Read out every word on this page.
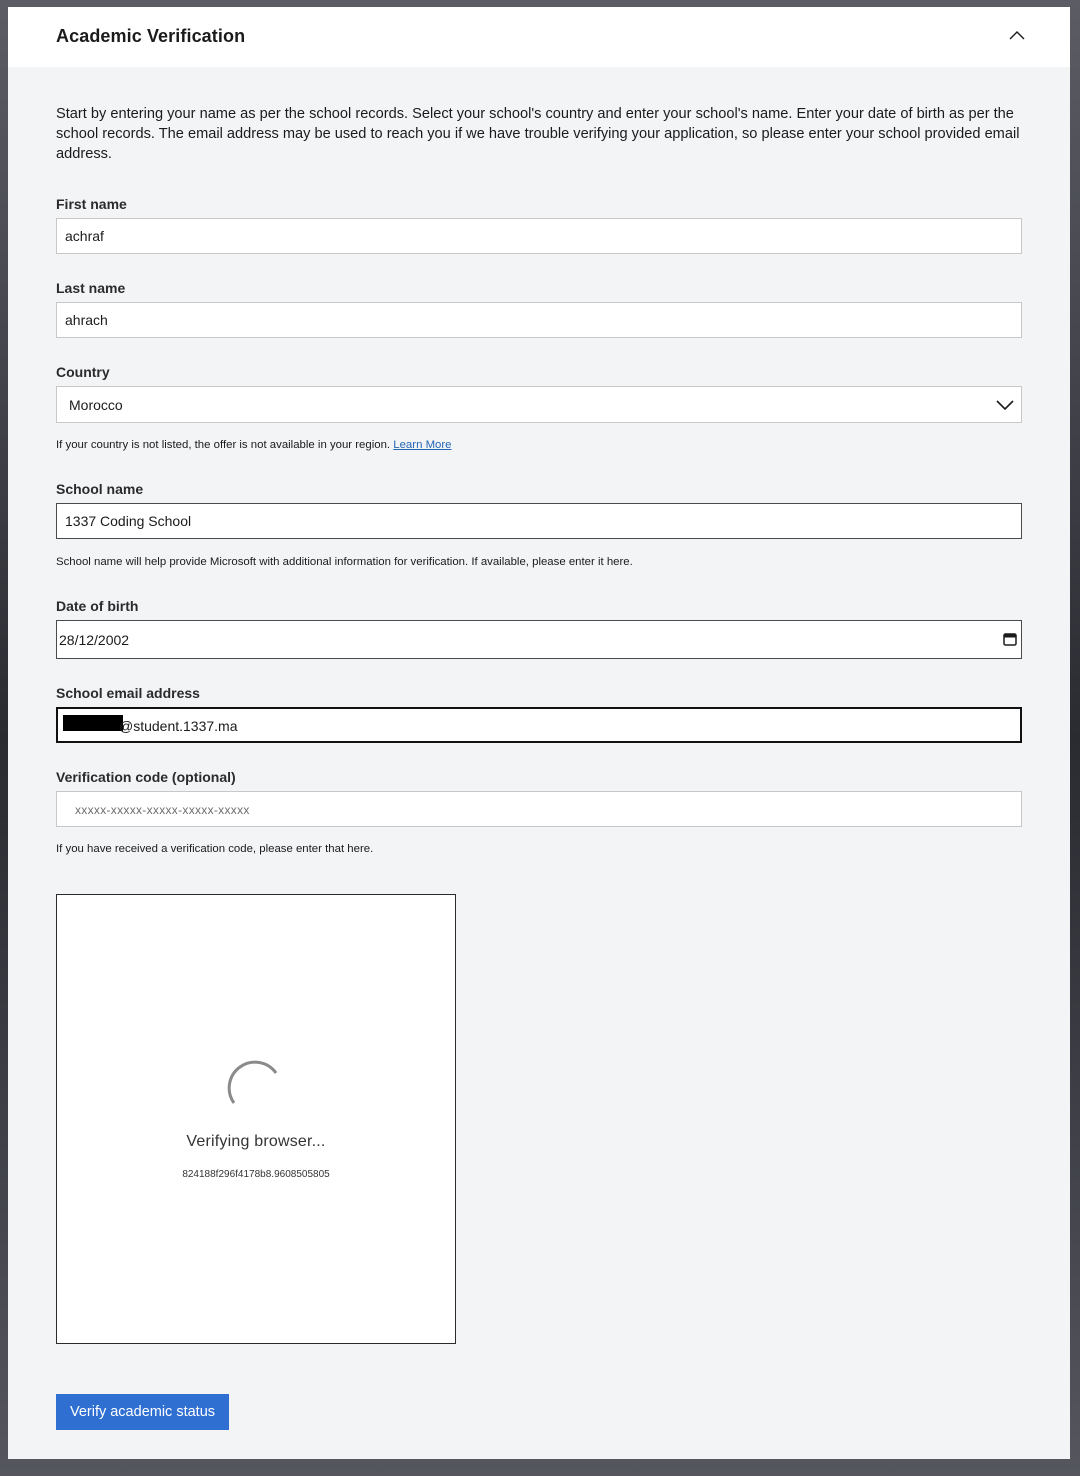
Academic Verification
Start by entering your name as per the school records. Select your school's country and enter your school's name. Enter your date of birth as per the school records. The email address may be used to reach you if we have trouble verifying your application, so please enter your school provided email address.
First name
achraf
Last name
ahrach
Country
Morocco
If your country is not listed, the offer is not available in your region. Learn More
School name
1337 Coding School
School name will help provide Microsoft with additional information for verification. If available, please enter it here.
Date of birth
28/12/2002
School email address
@student.1337.ma
Verification code (optional)
xxxxx-xxxxx-xxxxx-xxxxx-xxxxx
If you have received a verification code, please enter that here.
Verifying browser...
824188f296f4178b8.9608505805
Verify academic status
